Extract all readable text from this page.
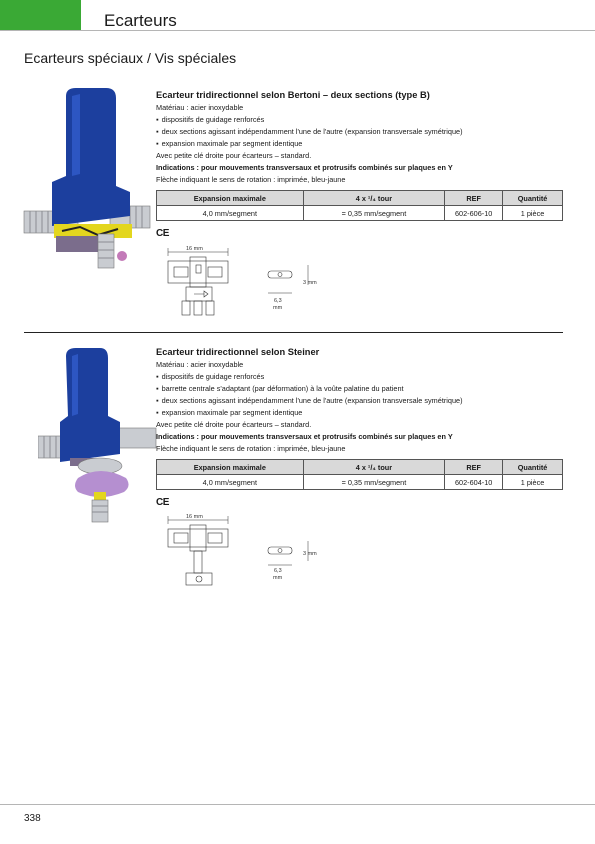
Ecarteurs
Ecarteurs spéciaux / Vis spéciales
Ecarteur tridirectionnel selon Bertoni – deux sections (type B)
Matériau : acier inoxydable
▪ dispositifs de guidage renforcés
▪ deux sections agissant indépendamment l'une de l'autre (expansion transversale symétrique)
▪ expansion maximale par segment identique
Avec petite clé droite pour écarteurs – standard.
Indications : pour mouvements transversaux et protrusifs combinés sur plaques en Y
Flèche indiquant le sens de rotation : imprimée, bleu-jaune
Expansion maximale	4 x ¹/₄ tour	REF	Quantité
4,0 mm/segment	= 0,35 mm/segment	602-606-10	1 pièce
CE
16 mm
3 mm
6,3
mm
Ecarteur tridirectionnel selon Steiner
Matériau : acier inoxydable
▪ dispositifs de guidage renforcés
▪ barrette centrale s'adaptant (par déformation) à la voûte palatine du patient
▪ deux sections agissant indépendamment l'une de l'autre (expansion transversale symétrique)
▪ expansion maximale par segment identique
Avec petite clé droite pour écarteurs – standard.
Indications : pour mouvements transversaux et protrusifs combinés sur plaques en Y
Flèche indiquant le sens de rotation : imprimée, bleu-jaune
Expansion maximale	4 x ¹/₄ tour	REF	Quantité
4,0 mm/segment	= 0,35 mm/segment	602-604-10	1 pièce
CE
16 mm
3 mm
6,3
mm
338
